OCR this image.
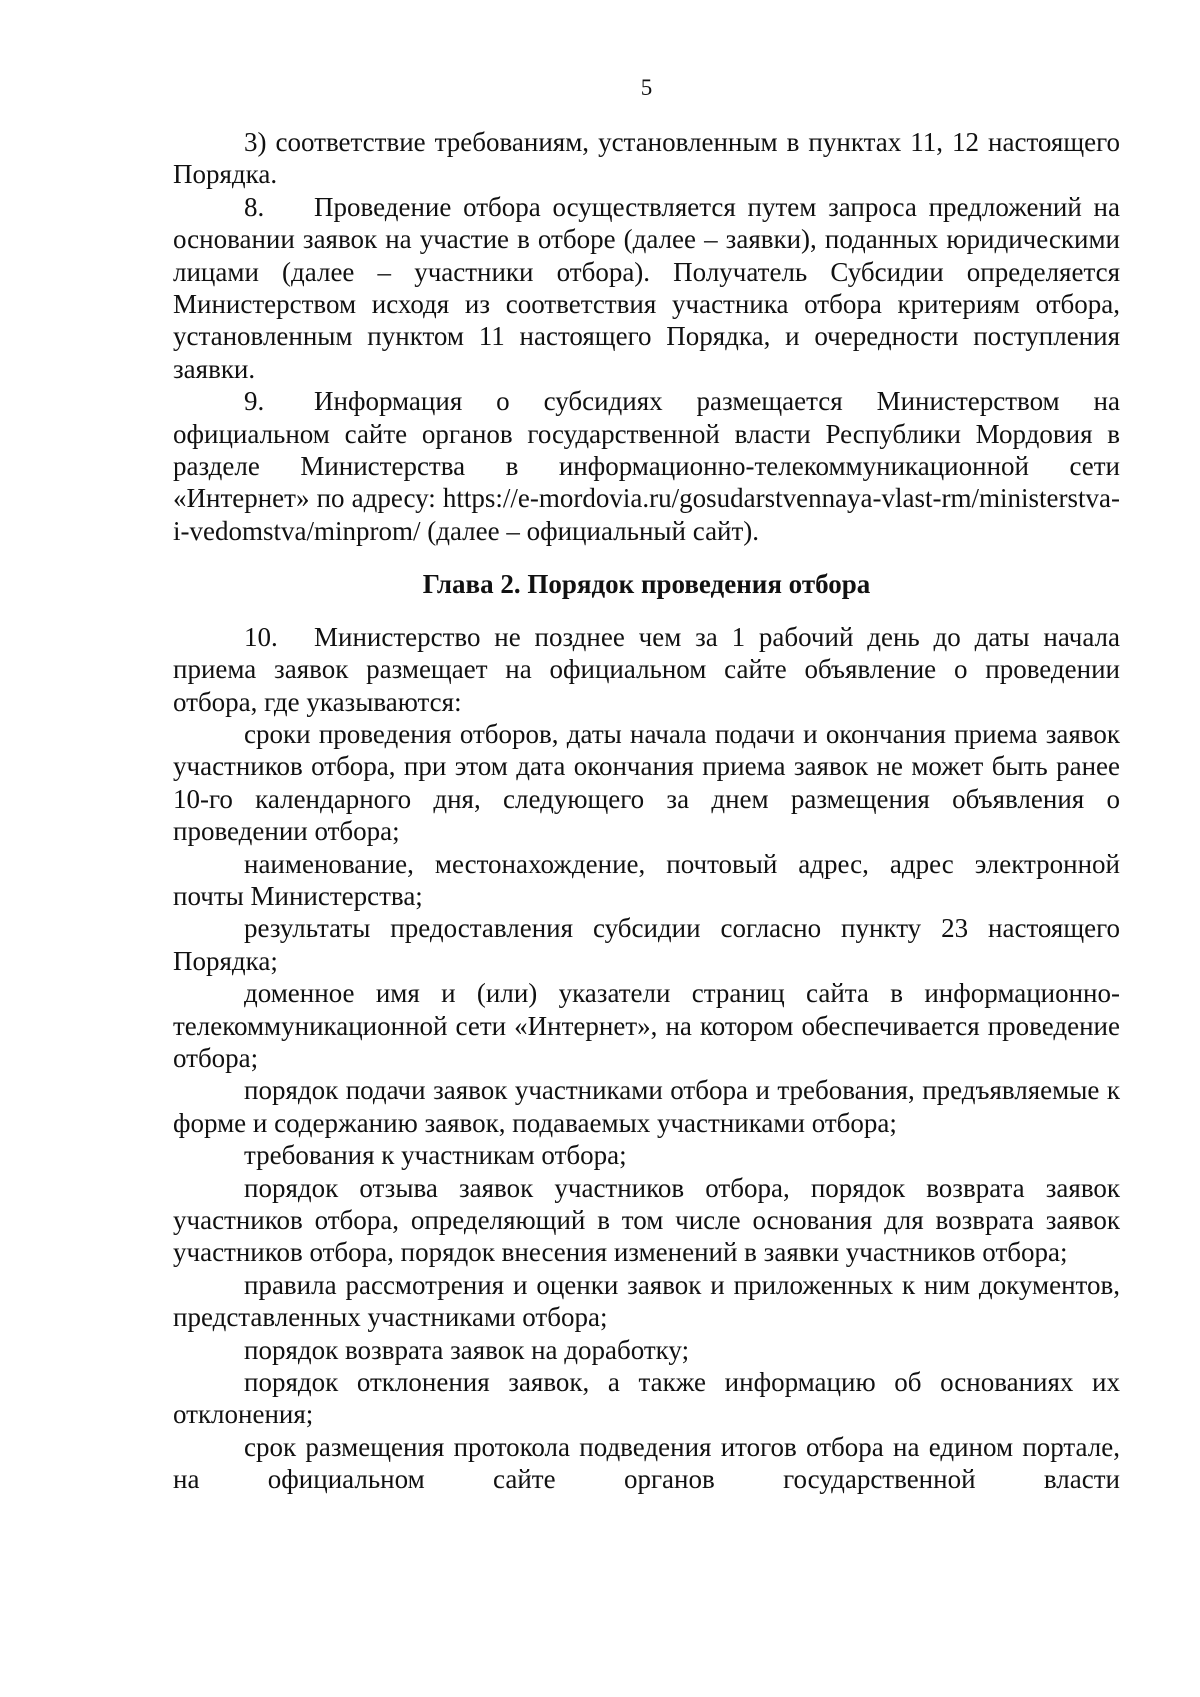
5

3) соответствие требованиям, установленным в пунктах 11, 12 настоящего Порядка.

8. Проведение отбора осуществляется путем запроса предложений на основании заявок на участие в отборе (далее – заявки), поданных юридическими лицами (далее – участники отбора). Получатель Субсидии определяется Министерством исходя из соответствия участника отбора критериям отбора, установленным пунктом 11 настоящего Порядка, и очередности поступления заявки.

9. Информация о субсидиях размещается Министерством на официальном сайте органов государственной власти Республики Мордовия в разделе Министерства в информационно-телекоммуникационной сети «Интернет» по адресу: https://e-mordovia.ru/gosudarstvennaya-vlast-rm/ministerstva-i-vedomstva/minprom/ (далее – официальный сайт).

Глава 2. Порядок проведения отбора

10. Министерство не позднее чем за 1 рабочий день до даты начала приема заявок размещает на официальном сайте объявление о проведении отбора, где указываются:

сроки проведения отборов, даты начала подачи и окончания приема заявок участников отбора, при этом дата окончания приема заявок не может быть ранее 10-го календарного дня, следующего за днем размещения объявления о проведении отбора;

наименование, местонахождение, почтовый адрес, адрес электронной почты Министерства;

результаты предоставления субсидии согласно пункту 23 настоящего Порядка;

доменное имя и (или) указатели страниц сайта в информационно-телекоммуникационной сети «Интернет», на котором обеспечивается проведение отбора;

порядок подачи заявок участниками отбора и требования, предъявляемые к форме и содержанию заявок, подаваемых участниками отбора;

требования к участникам отбора;

порядок отзыва заявок участников отбора, порядок возврата заявок участников отбора, определяющий в том числе основания для возврата заявок участников отбора, порядок внесения изменений в заявки участников отбора;

правила рассмотрения и оценки заявок и приложенных к ним документов, представленных участниками отбора;

порядок возврата заявок на доработку;

порядок отклонения заявок, а также информацию об основаниях их отклонения;

срок размещения протокола подведения итогов отбора на едином портале, на официальном сайте органов государственной власти
